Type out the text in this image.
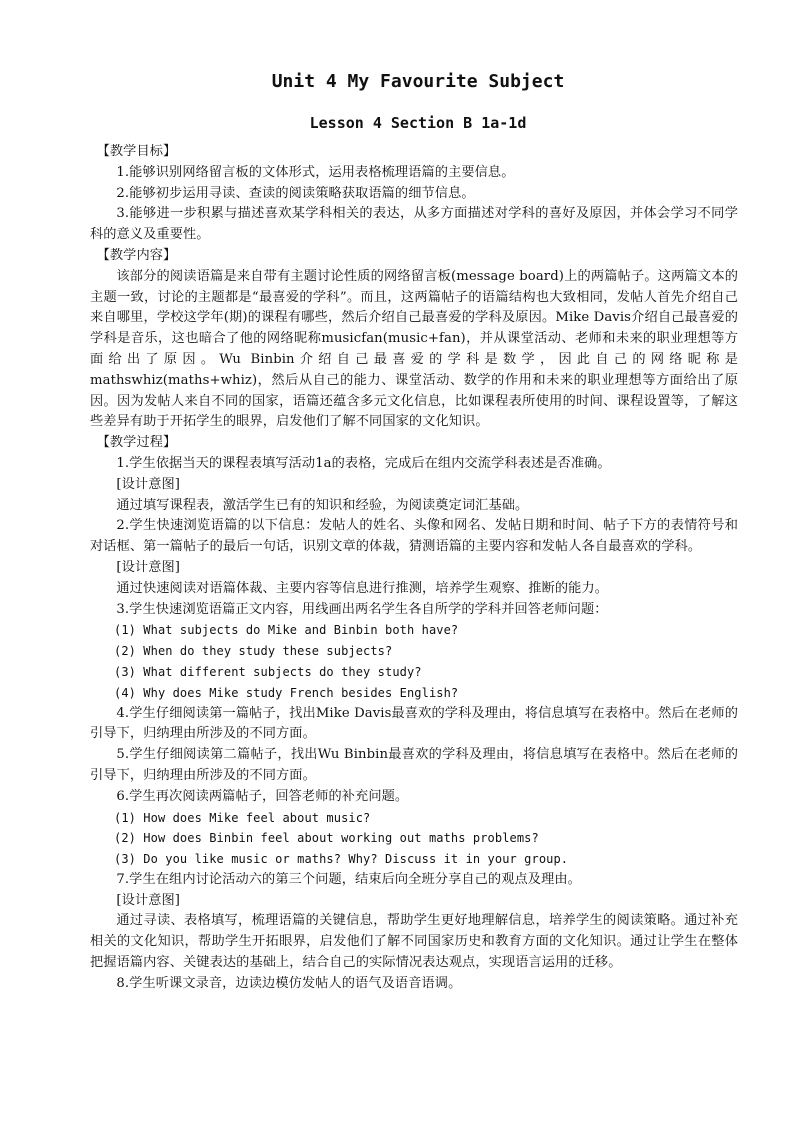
Unit 4 My Favourite Subject
Lesson 4 Section B 1a-1d

【教学目标】

1.能够识别网络留言板的文体形式，运用表格梳理语篇的主要信息。

2.能够初步运用寻读、查读的阅读策略获取语篇的细节信息。

3.能够进一步积累与描述喜欢某学科相关的表达，从多方面描述对学科的喜好及原因，并体会学习不同学科的意义及重要性。

【教学内容】

该部分的阅读语篇是来自带有主题讨论性质的网络留言板(message board)上的两篇帖子。这两篇文本的主题一致，讨论的主题都是“最喜爱的学科”。而且，这两篇帖子的语篇结构也大致相同，发帖人首先介绍自己来自哪里，学校这学年(期)的课程有哪些，然后介绍自己最喜爱的学科及原因。Mike Davis介绍自己最喜爱的学科是音乐，这也暗合了他的网络昵称musicfan(music+fan)，并从课堂活动、老师和未来的职业理想等方面给出了原因。Wu Binbin介绍自己最喜爱的学科是数学，因此自己的网络昵称是mathswhiz(maths+whiz)，然后从自己的能力、课堂活动、数学的作用和未来的职业理想等方面给出了原因。因为发帖人来自不同的国家，语篇还蕴含多元文化信息，比如课程表所使用的时间、课程设置等，了解这些差异有助于开拓学生的眼界，启发他们了解不同国家的文化知识。

【教学过程】

1.学生依据当天的课程表填写活动1a的表格，完成后在组内交流学科表述是否准确。

[设计意图]

通过填写课程表，激活学生已有的知识和经验，为阅读奠定词汇基础。

2.学生快速浏览语篇的以下信息：发帖人的姓名、头像和网名、发帖日期和时间、帖子下方的表情符号和对话框、第一篇帖子的最后一句话，识别文章的体裁，猜测语篇的主要内容和发帖人各自最喜欢的学科。

[设计意图]

通过快速阅读对语篇体裁、主要内容等信息进行推测，培养学生观察、推断的能力。

3.学生快速浏览语篇正文内容，用线画出两名学生各自所学的学科并回答老师问题：

(1) What subjects do Mike and Binbin both have?

(2) When do they study these subjects?

(3) What different subjects do they study?

(4) Why does Mike study French besides English?

4.学生仔细阅读第一篇帖子，找出Mike Davis最喜欢的学科及理由，将信息填写在表格中。然后在老师的引导下，归纳理由所涉及的不同方面。

5.学生仔细阅读第二篇帖子，找出Wu Binbin最喜欢的学科及理由，将信息填写在表格中。然后在老师的引导下，归纳理由所涉及的不同方面。

6.学生再次阅读两篇帖子，回答老师的补充问题。

(1) How does Mike feel about music?

(2) How does Binbin feel about working out maths problems?

(3) Do you like music or maths? Why? Discuss it in your group.

7.学生在组内讨论活动六的第三个问题，结束后向全班分享自己的观点及理由。

[设计意图]

通过寻读、表格填写，梳理语篇的关键信息，帮助学生更好地理解信息，培养学生的阅读策略。通过补充相关的文化知识，帮助学生开拓眼界，启发他们了解不同国家历史和教育方面的文化知识。通过让学生在整体把握语篇内容、关键表达的基础上，结合自己的实际情况表达观点，实现语言运用的迁移。

8.学生听课文录音，边读边模仿发帖人的语气及语音语调。
